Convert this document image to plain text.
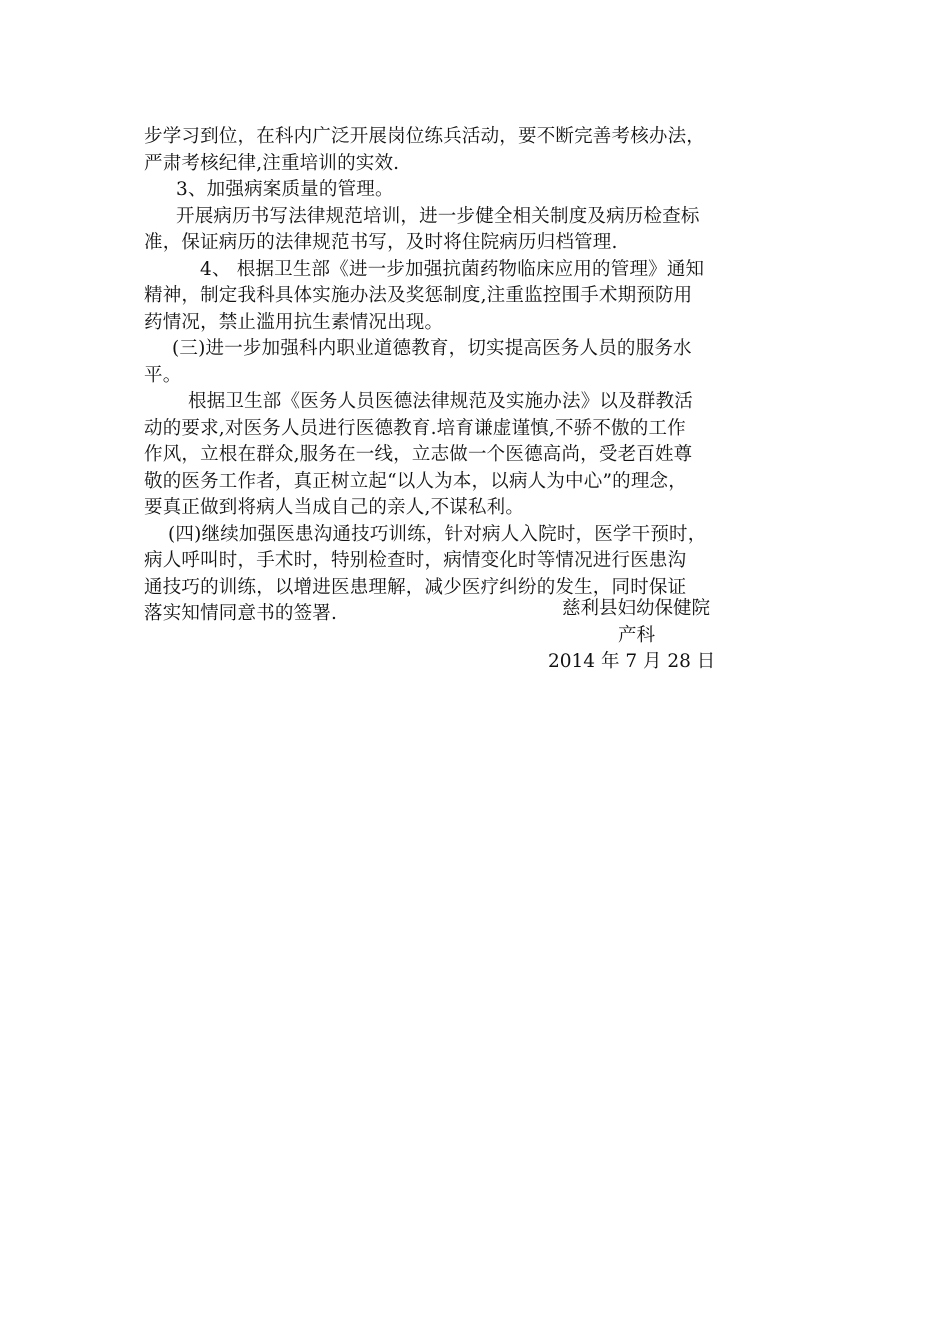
步学习到位，在科内广泛开展岗位练兵活动，要不断完善考核办法，
严肃考核纪律,注重培训的实效.

3、加强病案质量的管理。

开展病历书写法律规范培训，进一步健全相关制度及病历检查标
准，保证病历的法律规范书写，及时将住院病历归档管理.

4、 根据卫生部《进一步加强抗菌药物临床应用的管理》通知
精神，制定我科具体实施办法及奖惩制度,注重监控围手术期预防用
药情况，禁止滥用抗生素情况出现。

(三)进一步加强科内职业道德教育，切实提高医务人员的服务水
平。

根据卫生部《医务人员医德法律规范及实施办法》以及群教活
动的要求,对医务人员进行医德教育.培育谦虚谨慎,不骄不傲的工作
作风，立根在群众,服务在一线，立志做一个医德高尚，受老百姓尊
敬的医务工作者，真正树立起“以人为本，以病人为中心”的理念，
要真正做到将病人当成自己的亲人,不谋私利。

(四)继续加强医患沟通技巧训练，针对病人入院时，医学干预时，
病人呼叫时，手术时，特别检查时，病情变化时等情况进行医患沟
通技巧的训练，以增进医患理解，减少医疗纠纷的发生，同时保证
落实知情同意书的签署.	慈利县妇幼保健院
产科
2014 年 7 月 28 日
